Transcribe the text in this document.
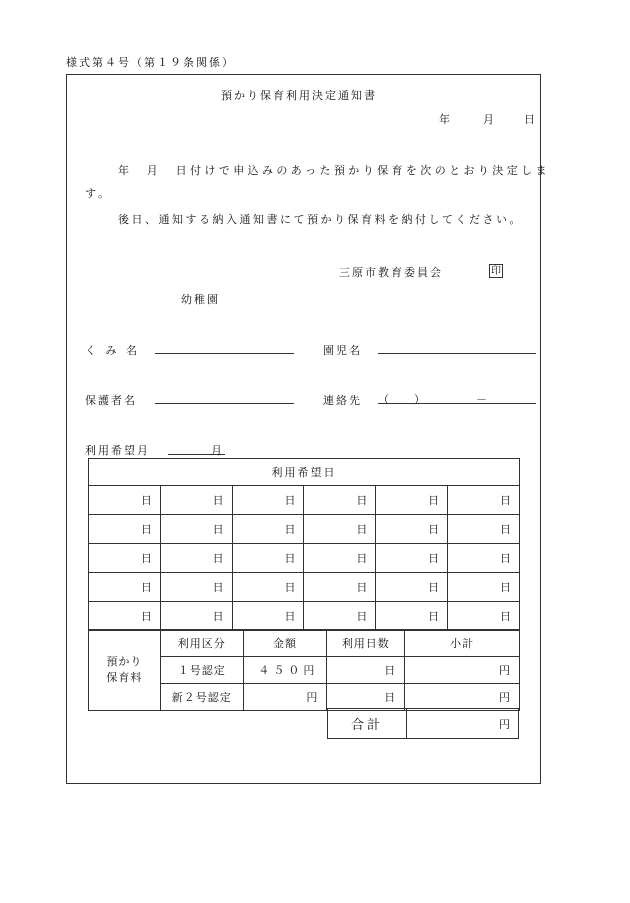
様式第４号（第１９条関係）
預かり保育利用決定通知書
年	月	日
年　月　日付けで申込みのあった預かり保育を次のとおり決定しま
す。
後日、通知する納入通知書にて預かり保育料を納付してください。
三原市教育委員会	印
幼稚園
く み 名	園児名
保護者名	連絡先 （ ）	－
利用希望月	月
利用希望日					
日	日	日	日	日	日
日	日	日	日	日	日
日	日	日	日	日	日
日	日	日	日	日	日
日	日	日	日	日	日
預かり
保育料	利用区分	金額	利用日数	小計
	１号認定	４５０円	日	円
	新２号認定	円	日	円
合計	円
